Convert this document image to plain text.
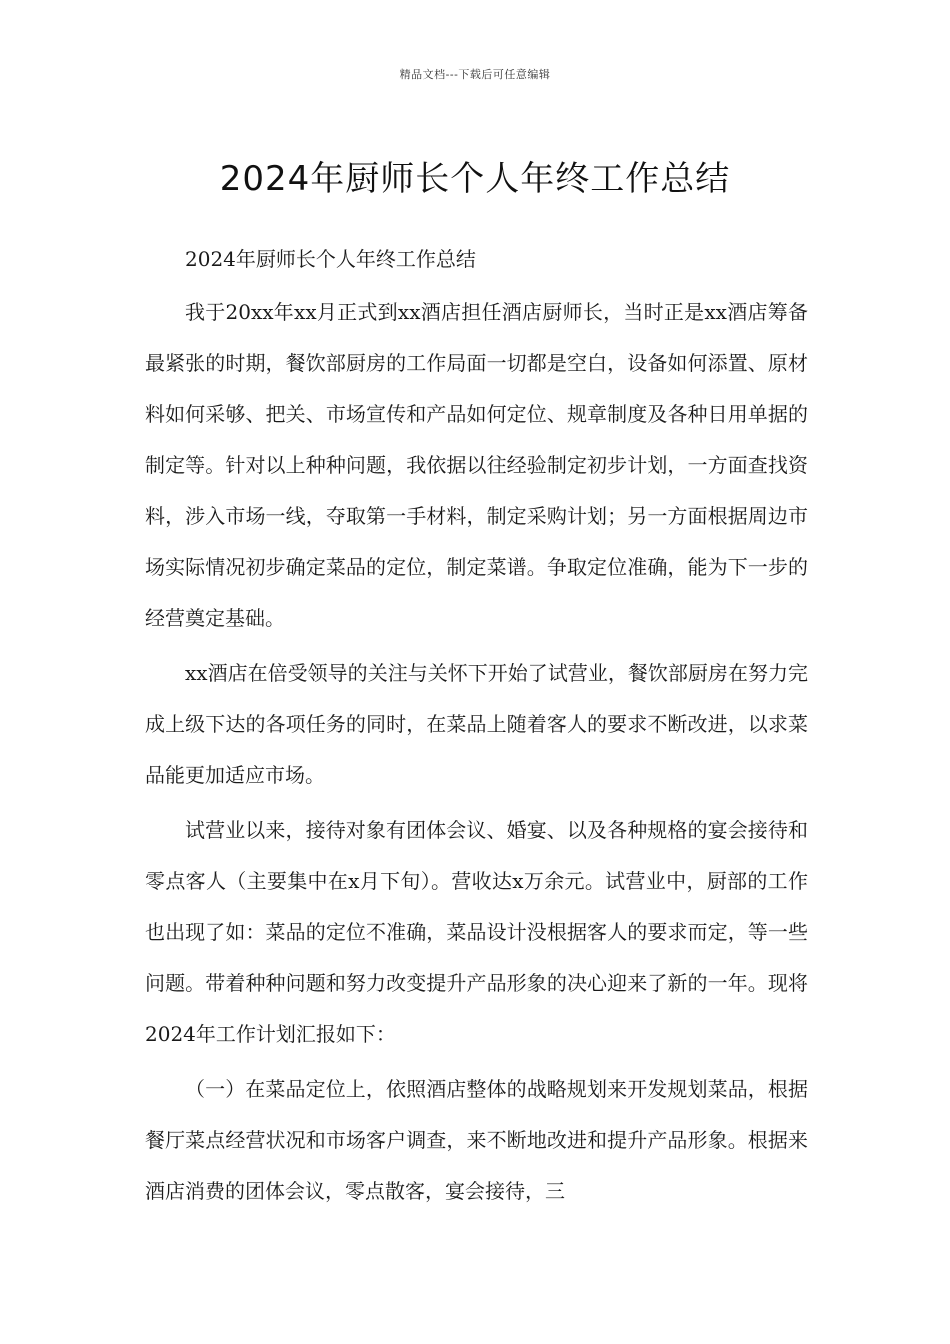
精品文档---下载后可任意编辑
2024年厨师长个人年终工作总结

2024年厨师长个人年终工作总结

我于20xx年xx月正式到xx酒店担任酒店厨师长，当时正是xx酒店筹备最紧张的时期，餐饮部厨房的工作局面一切都是空白，设备如何添置、原材料如何采够、把关、市场宣传和产品如何定位、规章制度及各种日用单据的制定等。针对以上种种问题，我依据以往经验制定初步计划，一方面查找资料，涉入市场一线，夺取第一手材料，制定采购计划；另一方面根据周边市场实际情况初步确定菜品的定位，制定菜谱。争取定位准确，能为下一步的经营奠定基础。

xx酒店在倍受领导的关注与关怀下开始了试营业，餐饮部厨房在努力完成上级下达的各项任务的同时，在菜品上随着客人的要求不断改进，以求菜品能更加适应市场。

试营业以来，接待对象有团体会议、婚宴、以及各种规格的宴会接待和零点客人（主要集中在x月下旬）。营收达x万余元。试营业中，厨部的工作也出现了如：菜品的定位不准确，菜品设计没根据客人的要求而定，等一些问题。带着种种问题和努力改变提升产品形象的决心迎来了新的一年。现将2024年工作计划汇报如下：

（一）在菜品定位上，依照酒店整体的战略规划来开发规划菜品，根据餐厅菜点经营状况和市场客户调查，来不断地改进和提升产品形象。根据来酒店消费的团体会议，零点散客，宴会接待，三
